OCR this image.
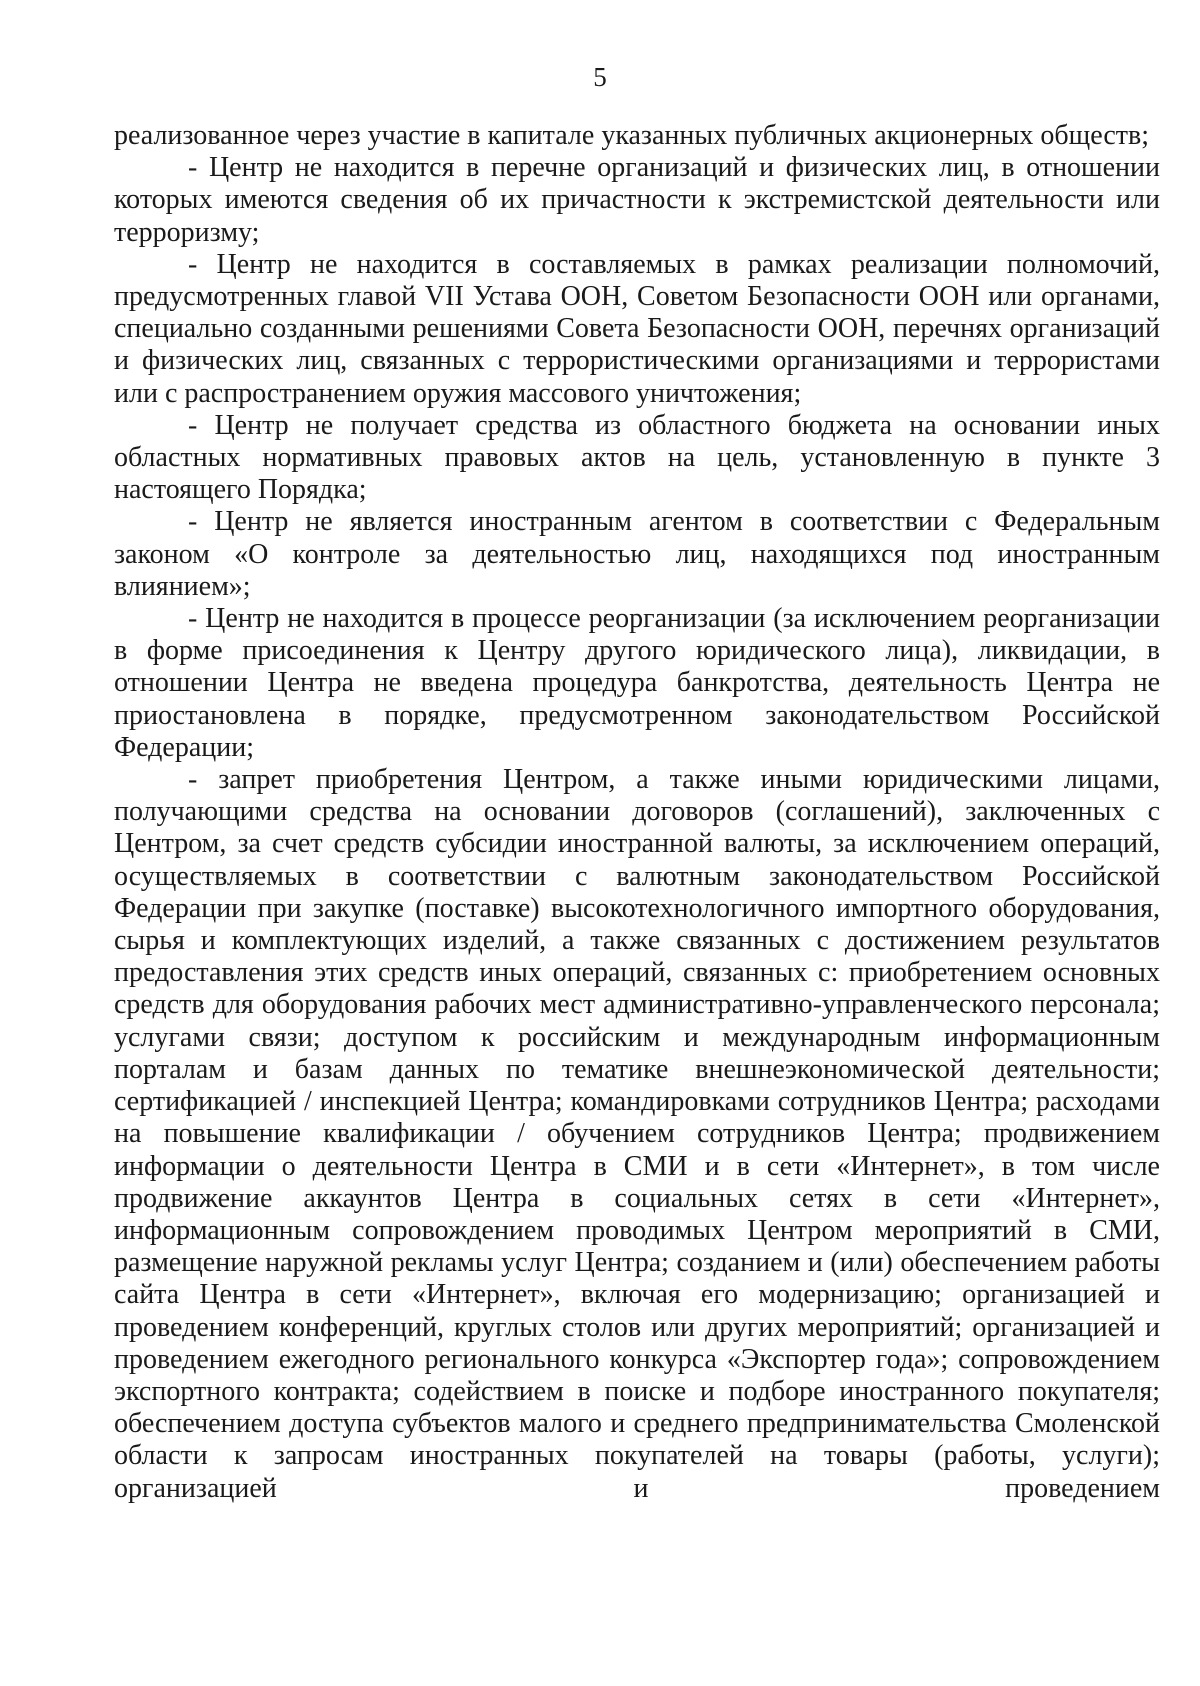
5

реализованное через участие в капитале указанных публичных акционерных обществ;

- Центр не находится в перечне организаций и физических лиц, в отношении которых имеются сведения об их причастности к экстремистской деятельности или терроризму;

- Центр не находится в составляемых в рамках реализации полномочий, предусмотренных главой VII Устава ООН, Советом Безопасности ООН или органами, специально созданными решениями Совета Безопасности ООН, перечнях организаций и физических лиц, связанных с террористическими организациями и террористами или с распространением оружия массового уничтожения;

- Центр не получает средства из областного бюджета на основании иных областных нормативных правовых актов на цель, установленную в пункте 3 настоящего Порядка;

- Центр не является иностранным агентом в соответствии с Федеральным законом «О контроле за деятельностью лиц, находящихся под иностранным влиянием»;

- Центр не находится в процессе реорганизации (за исключением реорганизации в форме присоединения к Центру другого юридического лица), ликвидации, в отношении Центра не введена процедура банкротства, деятельность Центра не приостановлена в порядке, предусмотренном законодательством Российской Федерации;

- запрет приобретения Центром, а также иными юридическими лицами, получающими средства на основании договоров (соглашений), заключенных с Центром, за счет средств субсидии иностранной валюты, за исключением операций, осуществляемых в соответствии с валютным законодательством Российской Федерации при закупке (поставке) высокотехнологичного импортного оборудования, сырья и комплектующих изделий, а также связанных с достижением результатов предоставления этих средств иных операций, связанных с: приобретением основных средств для оборудования рабочих мест административно-управленческого персонала; услугами связи; доступом к российским и международным информационным порталам и базам данных по тематике внешнеэкономической деятельности; сертификацией / инспекцией Центра; командировками сотрудников Центра; расходами на повышение квалификации / обучением сотрудников Центра; продвижением информации о деятельности Центра в СМИ и в сети «Интернет», в том числе продвижение аккаунтов Центра в социальных сетях в сети «Интернет», информационным сопровождением проводимых Центром мероприятий в СМИ, размещение наружной рекламы услуг Центра; созданием и (или) обеспечением работы сайта Центра в сети «Интернет», включая его модернизацию; организацией и проведением конференций, круглых столов или других мероприятий; организацией и проведением ежегодного регионального конкурса «Экспортер года»; сопровождением экспортного контракта; содействием в поиске и подборе иностранного покупателя; обеспечением доступа субъектов малого и среднего предпринимательства Смоленской области к запросам иностранных покупателей на товары (работы, услуги); организацией и проведением
